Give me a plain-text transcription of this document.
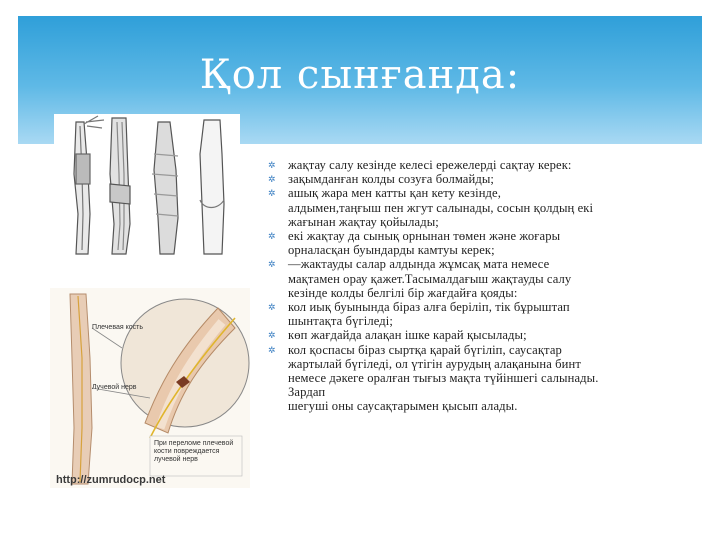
Қол сынғанда:
Плечевая кость
Лучевой нерв
При переломе плечевой
кости повреждается
лучевой нерв
http://zumrudocp.net
✲ жақтау салу кезінде келесі ережелерді сақтау керек:
✲ зақымданған колды созуға болмайды;
✲ ашық жара мен катты қан кету кезінде,
алдымен,таңғыш пен жгут салынады, сосын қолдың екі
жағынан жақтау қойылады;
✲ екі жақтау да сынық орнынан төмен және жоғары
орналасқан буындарды камтуы керек;
✲ —жактауды салар алдында жұмсақ мата немесе
мақтамен орау қажет.Тасымалдағыш жақтауды салу
кезінде колды белгілі бір жағдайға қояды:
✲ кол иық буынында біраз алға беріліп, тік бұрыштап
шынтақта бүгіледі;
✲ көп жағдайда алақан ішке карай қысылады;
✲ кол қоспасы біраз сыртқа қарай бүгіліп, саусақтар
жартылай бүгіледі, ол үтігін аурудың алақанына бинт
немесе дәкеге оралған тығыз мақта түйіншегі салынады.
Зардап
шегуші оны саусақтарымен қысып алады.
